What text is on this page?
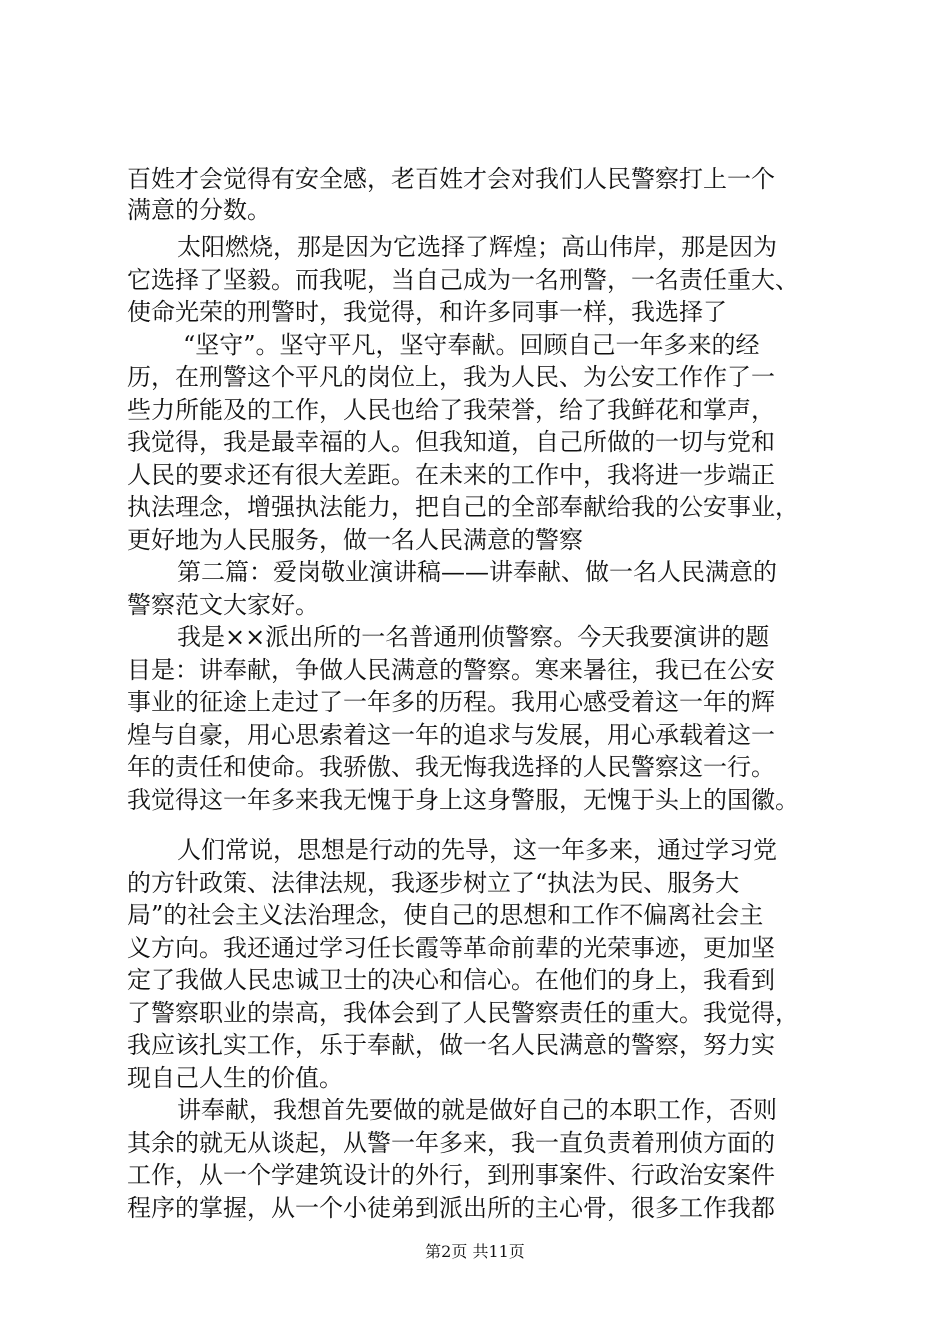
百姓才会觉得有安全感，老百姓才会对我们人民警察打上一个
满意的分数。
太阳燃烧，那是因为它选择了辉煌；高山伟岸，那是因为
它选择了坚毅。而我呢，当自己成为一名刑警，一名责任重大、
使命光荣的刑警时，我觉得，和许多同事一样，我选择了
“坚守”。坚守平凡，坚守奉献。回顾自己一年多来的经
历，在刑警这个平凡的岗位上，我为人民、为公安工作作了一
些力所能及的工作，人民也给了我荣誉，给了我鲜花和掌声，
我觉得，我是最幸福的人。但我知道，自己所做的一切与党和
人民的要求还有很大差距。在未来的工作中，我将进一步端正
执法理念，增强执法能力，把自己的全部奉献给我的公安事业，
更好地为人民服务，做一名人民满意的警察
第二篇：爱岗敬业演讲稿——讲奉献、做一名人民满意的
警察范文大家好。
我是××派出所的一名普通刑侦警察。今天我要演讲的题
目是：讲奉献，争做人民满意的警察。寒来暑往，我已在公安
事业的征途上走过了一年多的历程。我用心感受着这一年的辉
煌与自豪，用心思索着这一年的追求与发展，用心承载着这一
年的责任和使命。我骄傲、我无悔我选择的人民警察这一行。
我觉得这一年多来我无愧于身上这身警服，无愧于头上的国徽。
人们常说，思想是行动的先导，这一年多来，通过学习党
的方针政策、法律法规，我逐步树立了“执法为民、服务大
局”的社会主义法治理念，使自己的思想和工作不偏离社会主
义方向。我还通过学习任长霞等革命前辈的光荣事迹，更加坚
定了我做人民忠诚卫士的决心和信心。在他们的身上，我看到
了警察职业的崇高，我体会到了人民警察责任的重大。我觉得，
我应该扎实工作，乐于奉献，做一名人民满意的警察，努力实
现自己人生的价值。
讲奉献，我想首先要做的就是做好自己的本职工作，否则
其余的就无从谈起，从警一年多来，我一直负责着刑侦方面的
工作，从一个学建筑设计的外行，到刑事案件、行政治安案件
程序的掌握，从一个小徒弟到派出所的主心骨，很多工作我都
第2页 共11页
